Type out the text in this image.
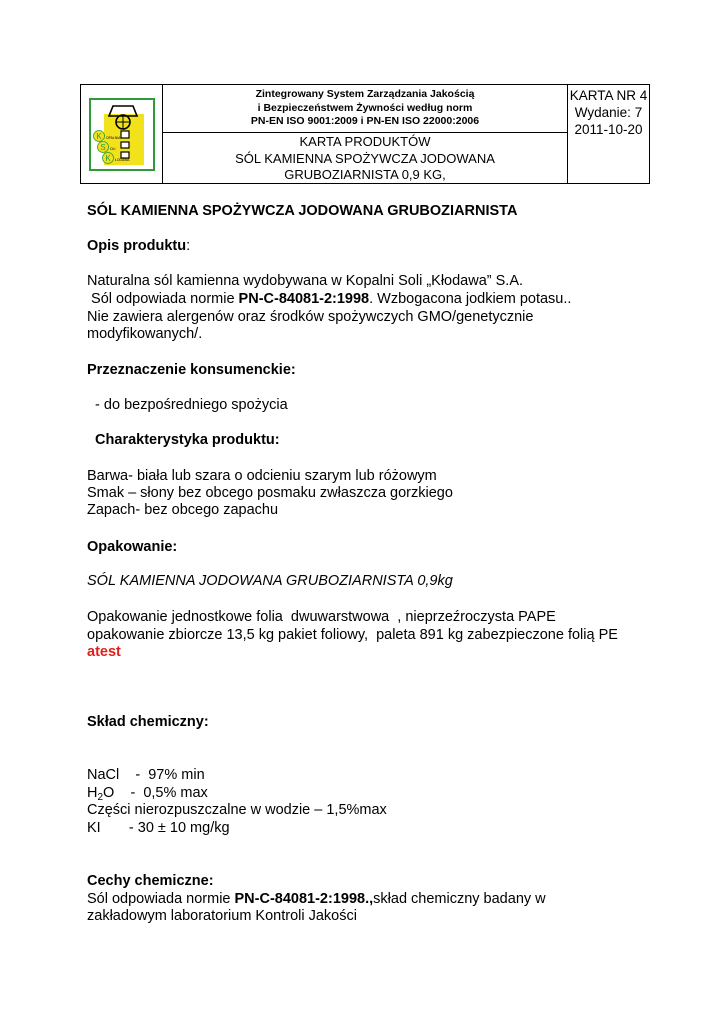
K
S
K
OPALNIA
OLI
ŁODAWA
Zintegrowany System Zarządzania Jakością
i Bezpieczeństwem Żywności według norm
PN-EN ISO 9001:2009 i PN-EN ISO 22000:2006
KARTA PRODUKTÓW
SÓL KAMIENNA SPOŻYWCZA JODOWANA
GRUBOZIARNISTA 0,9 KG,
KARTA NR 4
Wydanie: 7
2011-10-20
SÓL KAMIENNA SPOŻYWCZA JODOWANA GRUBOZIARNISTA
Opis produktu:
Naturalna sól kamienna wydobywana w Kopalni Soli „Kłodawa” S.A.
Sól odpowiada normie PN-C-84081-2:1998. Wzbogacona jodkiem potasu..
Nie zawiera alergenów oraz środków spożywczych GMO/genetycznie
modyfikowanych/.
Przeznaczenie konsumenckie:
- do bezpośredniego spożycia
Charakterystyka produktu:
Barwa- biała lub szara o odcieniu szarym lub różowym
Smak – słony bez obcego posmaku zwłaszcza gorzkiego
Zapach- bez obcego zapachu
Opakowanie:
SÓL KAMIENNA JODOWANA GRUBOZIARNISTA 0,9kg
Opakowanie jednostkowe folia  dwuwarstwowa  , nieprzeźroczysta PAPE
opakowanie zbiorcze 13,5 kg pakiet foliowy,  paleta 891 kg zabezpieczone folią PE
atest
Skład chemiczny:
NaCl    -  97% min
$H_2O$    -  0,5% max
Części nierozpuszczalne w wodzie – 1,5%max
KI       - 30 ± 10 mg/kg
Cechy chemiczne:
Sól odpowiada normie PN-C-84081-2:1998.,skład chemiczny badany w
zakładowym laboratorium Kontroli Jakości
